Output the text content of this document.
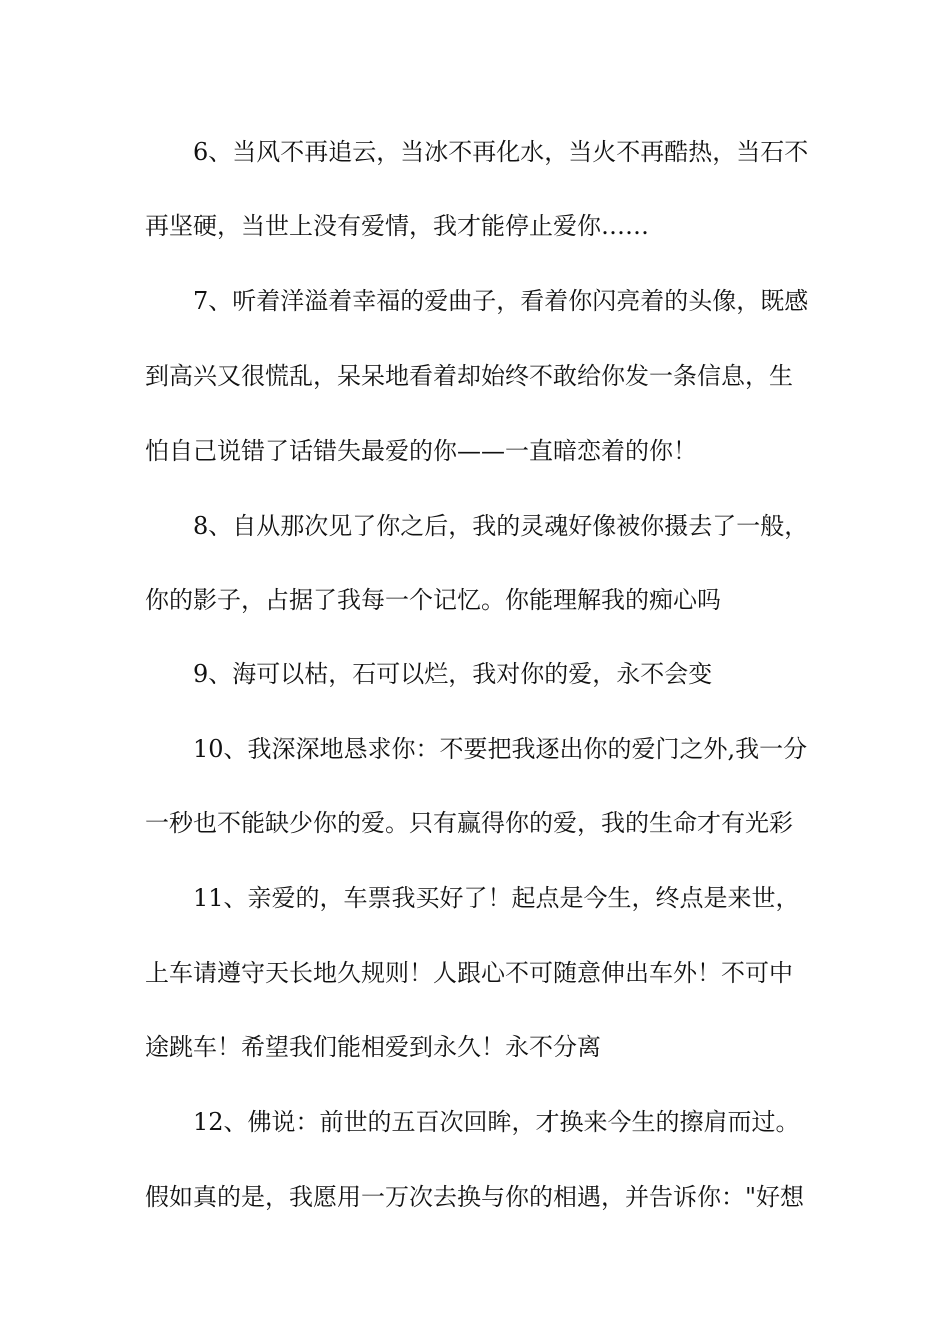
6、当风不再追云，当冰不再化水，当火不再酷热，当石不
再坚硬，当世上没有爱情，我才能停止爱你……
7、听着洋溢着幸福的爱曲子，看着你闪亮着的头像，既感
到高兴又很慌乱，呆呆地看着却始终不敢给你发一条信息，生
怕自己说错了话错失最爱的你——一直暗恋着的你！
8、自从那次见了你之后，我的灵魂好像被你摄去了一般，
你的影子，占据了我每一个记忆。你能理解我的痴心吗
9、海可以枯，石可以烂，我对你的爱，永不会变
10、我深深地恳求你：不要把我逐出你的爱门之外,我一分
一秒也不能缺少你的爱。只有赢得你的爱，我的生命才有光彩
11、亲爱的，车票我买好了！起点是今生，终点是来世，
上车请遵守天长地久规则！人跟心不可随意伸出车外！不可中
途跳车！希望我们能相爱到永久！永不分离
12、佛说：前世的五百次回眸，才换来今生的擦肩而过。
假如真的是，我愿用一万次去换与你的相遇，并告诉你："好想
